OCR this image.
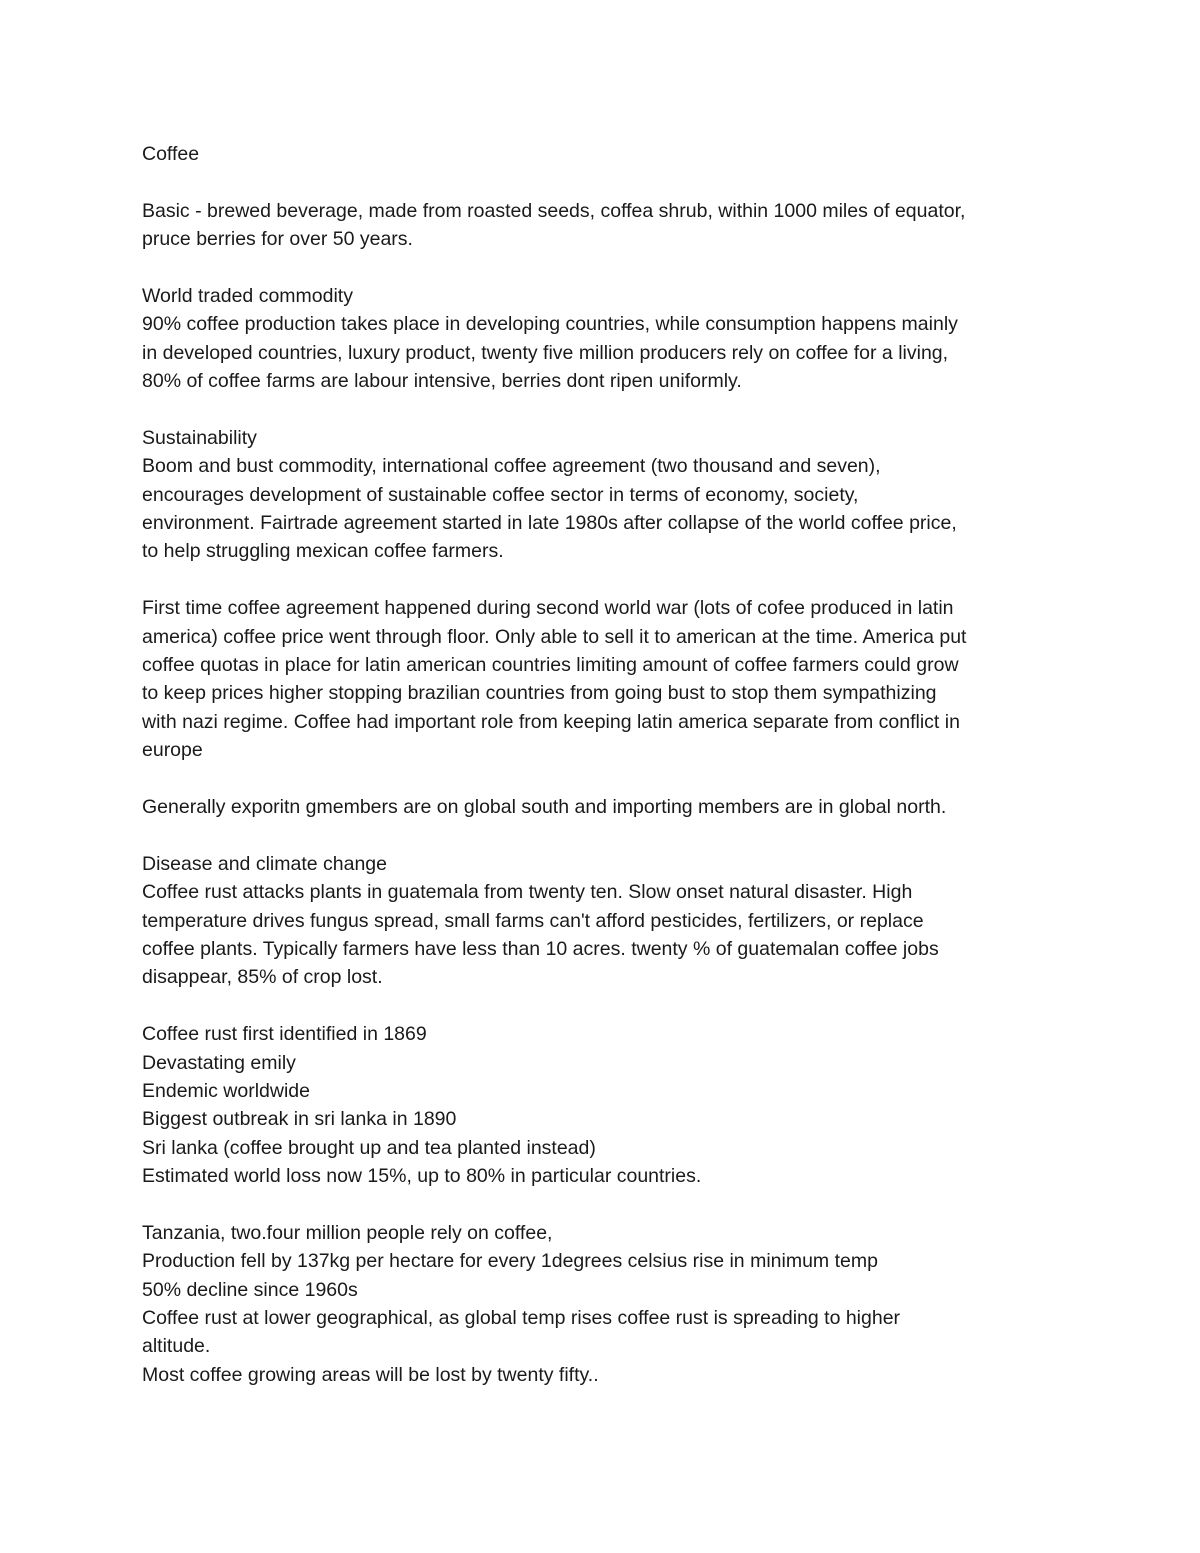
Coffee
Basic - brewed beverage, made from roasted seeds, coffea shrub, within 1000 miles of equator,
pruce berries for over 50 years.
World traded commodity
90% coffee production takes place in developing countries, while consumption happens mainly
in developed countries, luxury product, twenty five million producers rely on coffee for a living,
80% of coffee farms are labour intensive, berries dont ripen uniformly.
Sustainability
Boom and bust commodity, international coffee agreement (two thousand and seven),
encourages development of sustainable coffee sector in terms of economy, society,
environment. Fairtrade agreement started in late 1980s after collapse of the world coffee price,
to help struggling mexican coffee farmers.
First time coffee agreement happened during second world war (lots of cofee produced in latin
america) coffee price went through floor. Only able to sell it to american at the time. America put
coffee quotas in place for latin american countries limiting amount of coffee farmers could grow
to keep prices higher stopping brazilian countries from going bust to stop them sympathizing
with nazi regime. Coffee had important role from keeping latin america separate from conflict in
europe
Generally exporitn gmembers are on global south and importing members are in global north.
Disease and climate change
Coffee rust attacks plants in guatemala from twenty ten. Slow onset natural disaster. High
temperature drives fungus spread, small farms can't afford pesticides, fertilizers, or replace
coffee plants. Typically farmers have less than 10 acres. twenty % of guatemalan coffee jobs
disappear, 85% of crop lost.
Coffee rust first identified in 1869
Devastating emily
Endemic worldwide
Biggest outbreak in sri lanka in 1890
Sri lanka (coffee brought up and tea planted instead)
Estimated world loss now 15%, up to 80% in particular countries.
Tanzania, two.four million people rely on coffee,
Production fell by 137kg per hectare for every 1degrees celsius rise in minimum temp
50% decline since 1960s
Coffee rust at lower geographical, as global temp rises coffee rust is spreading to higher
altitude.
Most coffee growing areas will be lost by twenty fifty..
